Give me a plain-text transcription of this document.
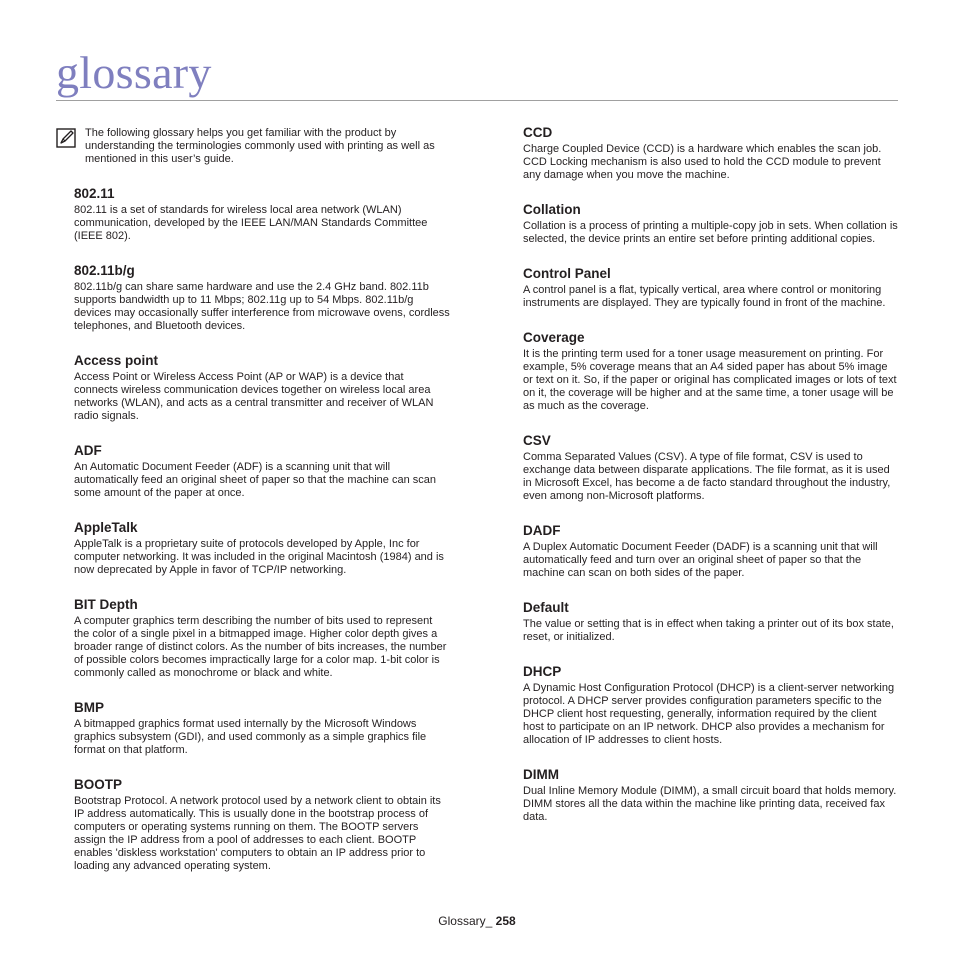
glossary

The following glossary helps you get familiar with the product by understanding the terminologies commonly used with printing as well as mentioned in this user’s guide.

802.11

802.11 is a set of standards for wireless local area network (WLAN) communication, developed by the IEEE LAN/MAN Standards Committee (IEEE 802).

802.11b/g

802.11b/g can share same hardware and use the 2.4 GHz band. 802.11b supports bandwidth up to 11 Mbps; 802.11g up to 54 Mbps. 802.11b/g devices may occasionally suffer interference from microwave ovens, cordless telephones, and Bluetooth devices.

Access point

Access Point or Wireless Access Point (AP or WAP) is a device that connects wireless communication devices together on wireless local area networks (WLAN), and acts as a central transmitter and receiver of WLAN radio signals.

ADF

An Automatic Document Feeder (ADF) is a scanning unit that will automatically feed an original sheet of paper so that the machine can scan some amount of the paper at once.

AppleTalk

AppleTalk is a proprietary suite of protocols developed by Apple, Inc for computer networking. It was included in the original Macintosh (1984) and is now deprecated by Apple in favor of TCP/IP networking.

BIT Depth

A computer graphics term describing the number of bits used to represent the color of a single pixel in a bitmapped image. Higher color depth gives a broader range of distinct colors. As the number of bits increases, the number of possible colors becomes impractically large for a color map. 1-bit color is commonly called as monochrome or black and white.

BMP

A bitmapped graphics format used internally by the Microsoft Windows graphics subsystem (GDI), and used commonly as a simple graphics file format on that platform.

BOOTP

Bootstrap Protocol. A network protocol used by a network client to obtain its IP address automatically. This is usually done in the bootstrap process of computers or operating systems running on them. The BOOTP servers assign the IP address from a pool of addresses to each client. BOOTP enables 'diskless workstation' computers to obtain an IP address prior to loading any advanced operating system.

CCD

Charge Coupled Device (CCD) is a hardware which enables the scan job. CCD Locking mechanism is also used to hold the CCD module to prevent any damage when you move the machine.

Collation

Collation is a process of printing a multiple-copy job in sets. When collation is selected, the device prints an entire set before printing additional copies.

Control Panel

A control panel is a flat, typically vertical, area where control or monitoring instruments are displayed. They are typically found in front of the machine.

Coverage

It is the printing term used for a toner usage measurement on printing. For example, 5% coverage means that an A4 sided paper has about 5% image or text on it. So, if the paper or original has complicated images or lots of text on it, the coverage will be higher and at the same time, a toner usage will be as much as the coverage.

CSV

Comma Separated Values (CSV). A type of file format, CSV is used to exchange data between disparate applications. The file format, as it is used in Microsoft Excel, has become a de facto standard throughout the industry, even among non-Microsoft platforms.

DADF

A Duplex Automatic Document Feeder (DADF) is a scanning unit that will automatically feed and turn over an original sheet of paper so that the machine can scan on both sides of the paper.

Default

The value or setting that is in effect when taking a printer out of its box state, reset, or initialized.

DHCP

A Dynamic Host Configuration Protocol (DHCP) is a client-server networking protocol. A DHCP server provides configuration parameters specific to the DHCP client host requesting, generally, information required by the client host to participate on an IP network. DHCP also provides a mechanism for allocation of IP addresses to client hosts.

DIMM

Dual Inline Memory Module (DIMM), a small circuit board that holds memory. DIMM stores all the data within the machine like printing data, received fax data.

Glossary_ 258
